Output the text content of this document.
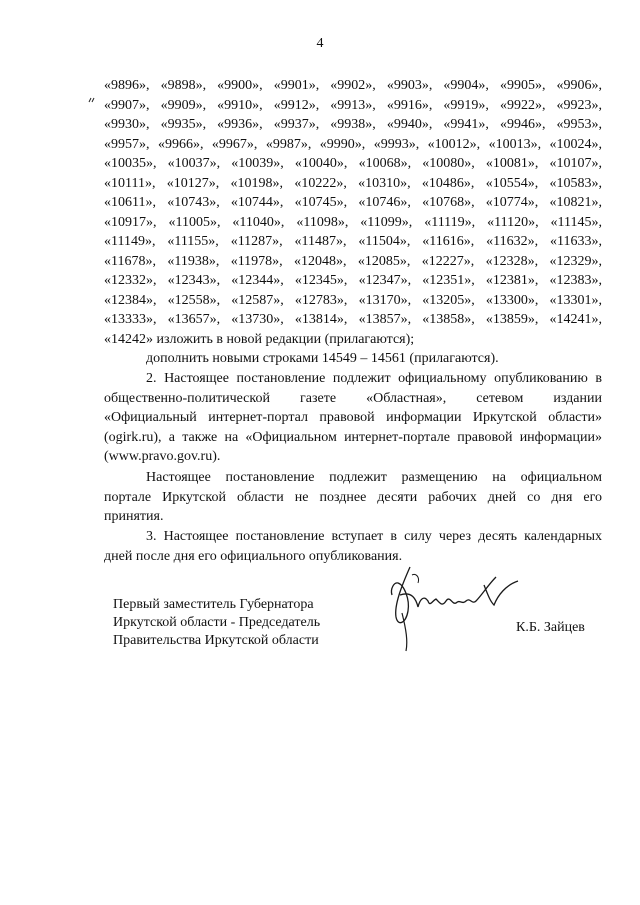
4
«9896», «9898», «9900», «9901», «9902», «9903», «9904», «9905», «9906»,
«9907», «9909», «9910», «9912», «9913», «9916», «9919», «9922», «9923»,
«9930», «9935», «9936», «9937», «9938», «9940», «9941», «9946», «9953»,
«9957», «9966», «9967», «9987», «9990», «9993», «10012», «10013», «10024»,
«10035», «10037», «10039», «10040», «10068», «10080», «10081», «10107»,
«10111», «10127», «10198», «10222», «10310», «10486», «10554», «10583»,
«10611», «10743», «10744», «10745», «10746», «10768», «10774», «10821»,
«10917», «11005», «11040», «11098», «11099», «11119», «11120», «11145»,
«11149», «11155», «11287», «11487», «11504», «11616», «11632», «11633»,
«11678», «11938», «11978», «12048», «12085», «12227», «12328», «12329»,
«12332», «12343», «12344», «12345», «12347», «12351», «12381», «12383»,
«12384», «12558», «12587», «12783», «13170», «13205», «13300», «13301»,
«13333», «13657», «13730», «13814», «13857», «13858», «13859», «14241»,
«14242» изложить в новой редакции (прилагаются);
дополнить новыми строками 14549 – 14561 (прилагаются).
2. Настоящее постановление подлежит официальному опубликованию в
общественно-политической газете «Областная», сетевом издании
«Официальный интернет-портал правовой информации Иркутской области»
(ogirk.ru), а также на «Официальном интернет-портале правовой информации»
(www.pravo.gov.ru).
Настоящее постановление подлежит размещению на официальном
портале Иркутской области не позднее десяти рабочих дней со дня его
принятия.
3. Настоящее постановление вступает в силу через десять календарных
дней после дня его официального опубликования.
Первый заместитель Губернатора
Иркутской области - Председатель
Правительства Иркутской области
К.Б. Зайцев
